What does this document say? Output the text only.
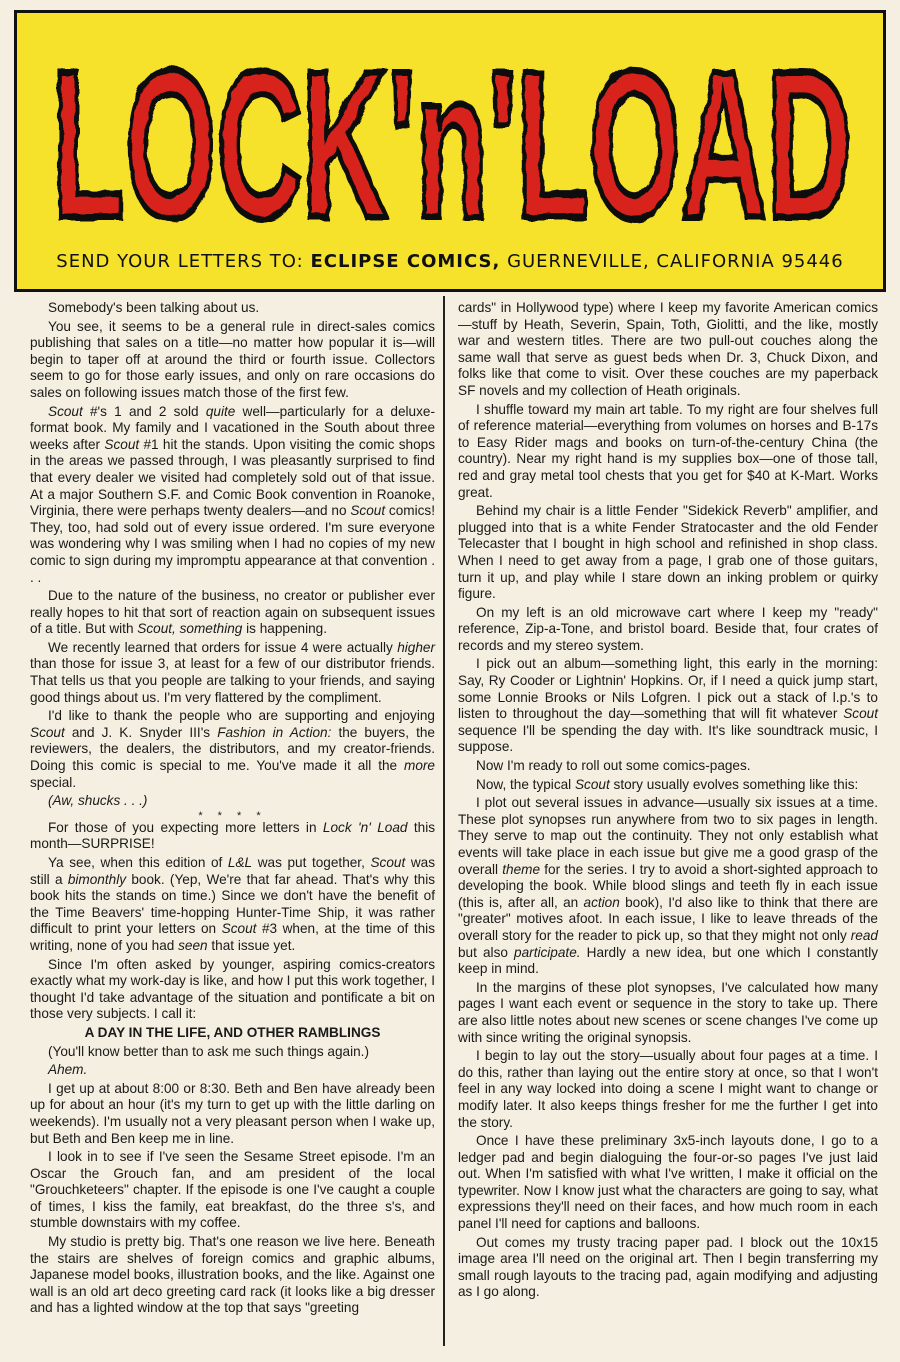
LOCK'n'LOAD
SEND YOUR LETTERS TO: ECLIPSE COMICS, GUERNEVILLE, CALIFORNIA 95446

Somebody's been talking about us.

You see, it seems to be a general rule in direct-sales comics publishing that sales on a title—no matter how popular it is—will begin to taper off at around the third or fourth issue. Collectors seem to go for those early issues, and only on rare occasions do sales on following issues match those of the first few.

Scout #'s 1 and 2 sold quite well—particularly for a deluxe-format book. My family and I vacationed in the South about three weeks after Scout #1 hit the stands. Upon visiting the comic shops in the areas we passed through, I was pleasantly surprised to find that every dealer we visited had completely sold out of that issue. At a major Southern S.F. and Comic Book convention in Roanoke, Virginia, there were perhaps twenty dealers—and no Scout comics! They, too, had sold out of every issue ordered. I'm sure everyone was wondering why I was smiling when I had no copies of my new comic to sign during my impromptu appearance at that convention . . .

Due to the nature of the business, no creator or publisher ever really hopes to hit that sort of reaction again on subsequent issues of a title. But with Scout, something is happening.

We recently learned that orders for issue 4 were actually higher than those for issue 3, at least for a few of our distributor friends. That tells us that you people are talking to your friends, and saying good things about us. I'm very flattered by the compliment.

I'd like to thank the people who are supporting and enjoying Scout and J. K. Snyder III's Fashion in Action: the buyers, the reviewers, the dealers, the distributors, and my creator-friends. Doing this comic is special to me. You've made it all the more special.

(Aw, shucks . . .)

* * * *

For those of you expecting more letters in Lock 'n' Load this month—SURPRISE!

Ya see, when this edition of L&L was put together, Scout was still a bimonthly book. (Yep, We're that far ahead. That's why this book hits the stands on time.) Since we don't have the benefit of the Time Beavers' time-hopping Hunter-Time Ship, it was rather difficult to print your letters on Scout #3 when, at the time of this writing, none of you had seen that issue yet.

Since I'm often asked by younger, aspiring comics-creators exactly what my work-day is like, and how I put this work together, I thought I'd take advantage of the situation and pontificate a bit on those very subjects. I call it:

A DAY IN THE LIFE, AND OTHER RAMBLINGS

(You'll know better than to ask me such things again.)

Ahem.

I get up at about 8:00 or 8:30. Beth and Ben have already been up for about an hour (it's my turn to get up with the little darling on weekends). I'm usually not a very pleasant person when I wake up, but Beth and Ben keep me in line.

I look in to see if I've seen the Sesame Street episode. I'm an Oscar the Grouch fan, and am president of the local "Grouchketeers" chapter. If the episode is one I've caught a couple of times, I kiss the family, eat breakfast, do the three s's, and stumble downstairs with my coffee.

My studio is pretty big. That's one reason we live here. Beneath the stairs are shelves of foreign comics and graphic albums, Japanese model books, illustration books, and the like. Against one wall is an old art deco greeting card rack (it looks like a big dresser and has a lighted window at the top that says "greeting

cards" in Hollywood type) where I keep my favorite American comics—stuff by Heath, Severin, Spain, Toth, Giolitti, and the like, mostly war and western titles. There are two pull-out couches along the same wall that serve as guest beds when Dr. 3, Chuck Dixon, and folks like that come to visit. Over these couches are my paperback SF novels and my collection of Heath originals.

I shuffle toward my main art table. To my right are four shelves full of reference material—everything from volumes on horses and B-17s to Easy Rider mags and books on turn-of-the-century China (the country). Near my right hand is my supplies box—one of those tall, red and gray metal tool chests that you get for $40 at K-Mart. Works great.

Behind my chair is a little Fender "Sidekick Reverb" amplifier, and plugged into that is a white Fender Stratocaster and the old Fender Telecaster that I bought in high school and refinished in shop class. When I need to get away from a page, I grab one of those guitars, turn it up, and play while I stare down an inking problem or quirky figure.

On my left is an old microwave cart where I keep my "ready" reference, Zip-a-Tone, and bristol board. Beside that, four crates of records and my stereo system.

I pick out an album—something light, this early in the morning: Say, Ry Cooder or Lightnin' Hopkins. Or, if I need a quick jump start, some Lonnie Brooks or Nils Lofgren. I pick out a stack of l.p.'s to listen to throughout the day—something that will fit whatever Scout sequence I'll be spending the day with. It's like soundtrack music, I suppose.

Now I'm ready to roll out some comics-pages.

Now, the typical Scout story usually evolves something like this:

I plot out several issues in advance—usually six issues at a time. These plot synopses run anywhere from two to six pages in length. They serve to map out the continuity. They not only establish what events will take place in each issue but give me a good grasp of the overall theme for the series. I try to avoid a short-sighted approach to developing the book. While blood slings and teeth fly in each issue (this is, after all, an action book), I'd also like to think that there are "greater" motives afoot. In each issue, I like to leave threads of the overall story for the reader to pick up, so that they might not only read but also participate. Hardly a new idea, but one which I constantly keep in mind.

In the margins of these plot synopses, I've calculated how many pages I want each event or sequence in the story to take up. There are also little notes about new scenes or scene changes I've come up with since writing the original synopsis.

I begin to lay out the story—usually about four pages at a time. I do this, rather than laying out the entire story at once, so that I won't feel in any way locked into doing a scene I might want to change or modify later. It also keeps things fresher for me the further I get into the story.

Once I have these preliminary 3x5-inch layouts done, I go to a ledger pad and begin dialoguing the four-or-so pages I've just laid out. When I'm satisfied with what I've written, I make it official on the typewriter. Now I know just what the characters are going to say, what expressions they'll need on their faces, and how much room in each panel I'll need for captions and balloons.

Out comes my trusty tracing paper pad. I block out the 10x15 image area I'll need on the original art. Then I begin transferring my small rough layouts to the tracing pad, again modifying and adjusting as I go along.
